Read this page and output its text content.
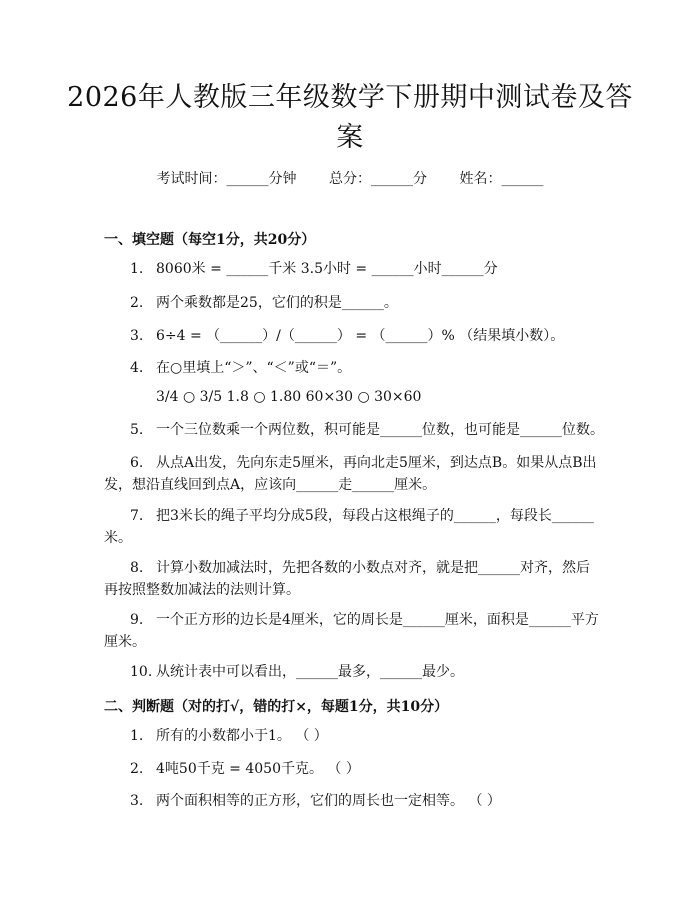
2026年人教版三年级数学下册期中测试卷及答案
考试时间：______分钟 总分：______分 姓名：______
一、填空题（每空1分，共20分）
1. 8060米 = ______千米 3.5小时 = ______小时______分
2. 两个乘数都是25，它们的积是______。
3. 6÷4 = （______）/（______） = （______）% （结果填小数）。
4. 在○里填上“＞”、“＜”或“＝”。
3/4 ○ 3/5 1.8 ○ 1.80 60×30 ○ 30×60
5. 一个三位数乘一个两位数，积可能是______位数，也可能是______位数。
6. 从点A出发，先向东走5厘米，再向北走5厘米，到达点B。如果从点B出发，想沿直线回到点A，应该向______走______厘米。
7. 把3米长的绳子平均分成5段，每段占这根绳子的______，每段长______米。
8. 计算小数加减法时，先把各数的小数点对齐，就是把______对齐，然后再按照整数加减法的法则计算。
9. 一个正方形的边长是4厘米，它的周长是______厘米，面积是______平方厘米。
10. 从统计表中可以看出，______最多，______最少。
二、判断题（对的打√，错的打×，每题1分，共10分）
1. 所有的小数都小于1。 （ ）
2. 4吨50千克 = 4050千克。 （ ）
3. 两个面积相等的正方形，它们的周长也一定相等。 （ ）
